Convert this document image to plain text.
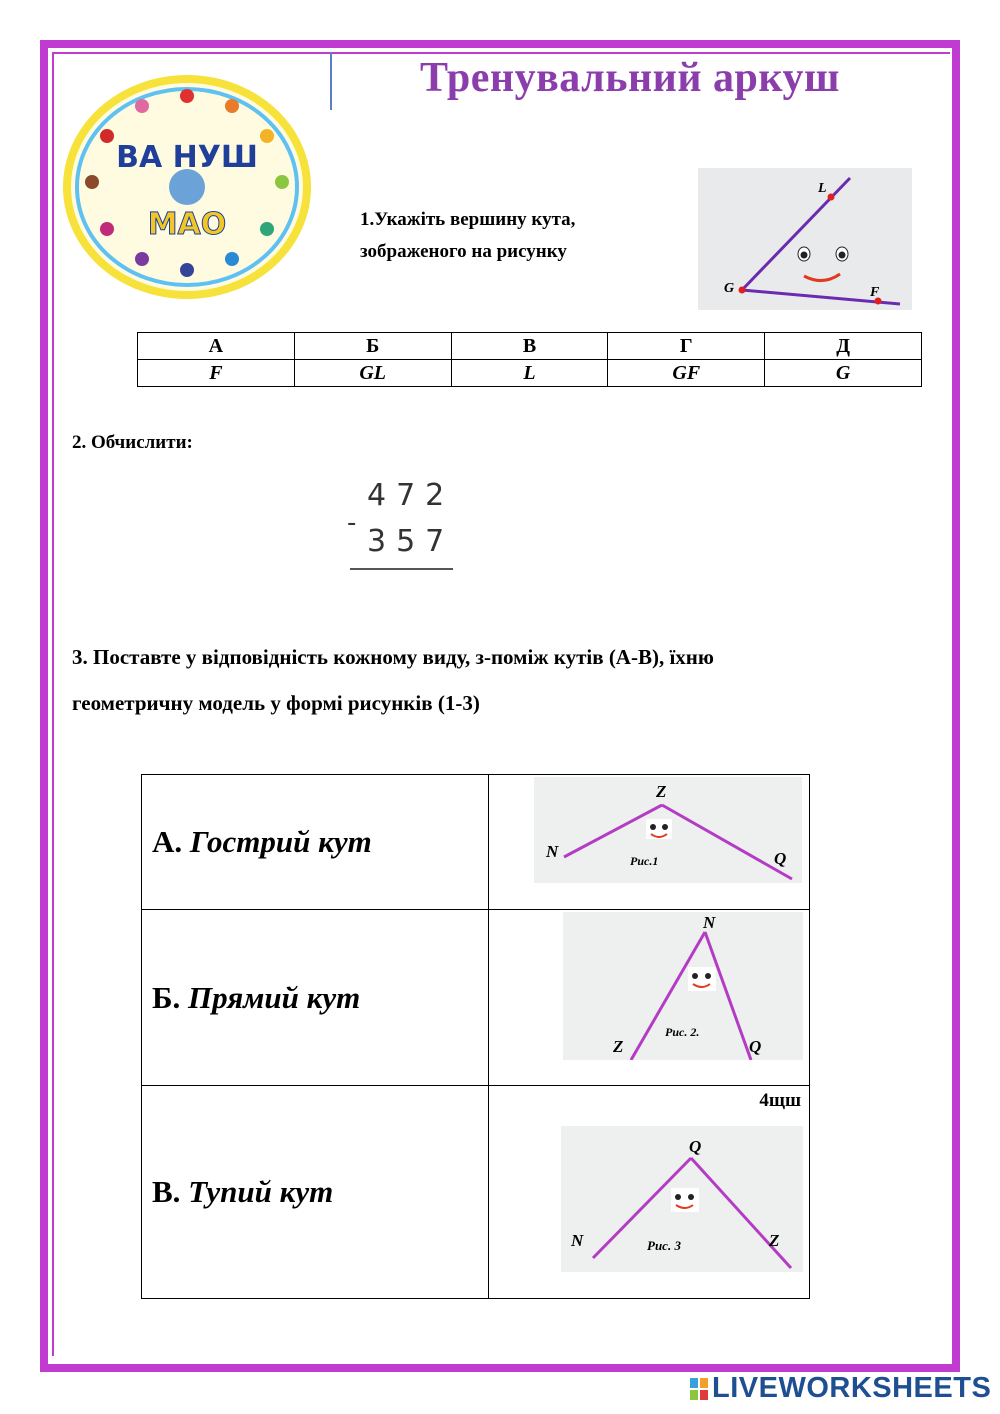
Тренувальний аркуш
ВА НУШ
МАО	1.Укажіть вершину кута,
зображеного на рисунку
L
G	F
А	Б	В	Г	Д
F	GL	L	GF	G
2. Обчислити:
472
-
357
3. Поставте у відповідність кожному виду, з-поміж кутів (А-В), їхню
геометричну модель у формі рисунків (1-3)
А. Гострий кут	Z
N Q
Рис.1

Б. Прямий кут	N
Z Q
Рис. 2.

В. Тупий кут	4щш
Q
N Z
Рис. 3
LIVEWORKSHEETS
